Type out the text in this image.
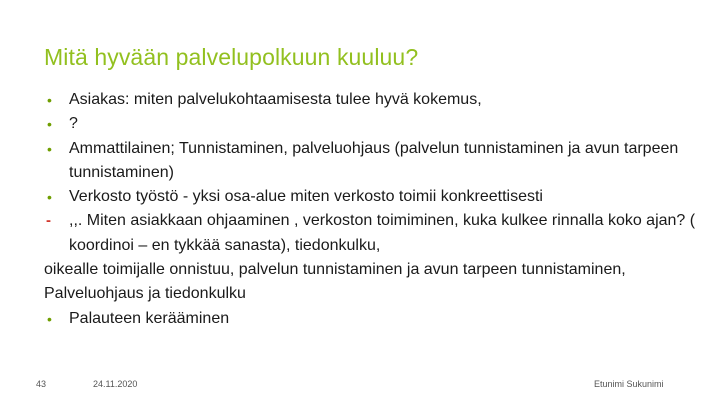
Mitä hyvään palvelupolkuun kuuluu?
•	Asiakas: miten palvelukohtaamisesta tulee hyvä kokemus,
•	?
•	Ammattilainen; Tunnistaminen, palveluohjaus (palvelun tunnistaminen ja avun tarpeen tunnistaminen)
•	Verkosto työstö - yksi osa-alue miten verkosto toimii konkreettisesti
-	,,. Miten asiakkaan ohjaaminen , verkoston toimiminen, kuka kulkee rinnalla koko ajan? ( koordinoi – en tykkää sanasta), tiedonkulku,
oikealle toimijalle onnistuu, palvelun tunnistaminen ja avun tarpeen tunnistaminen, Palveluohjaus ja tiedonkulku
•	Palauteen kerääminen
43	24.11.2020	Etunimi Sukunimi
